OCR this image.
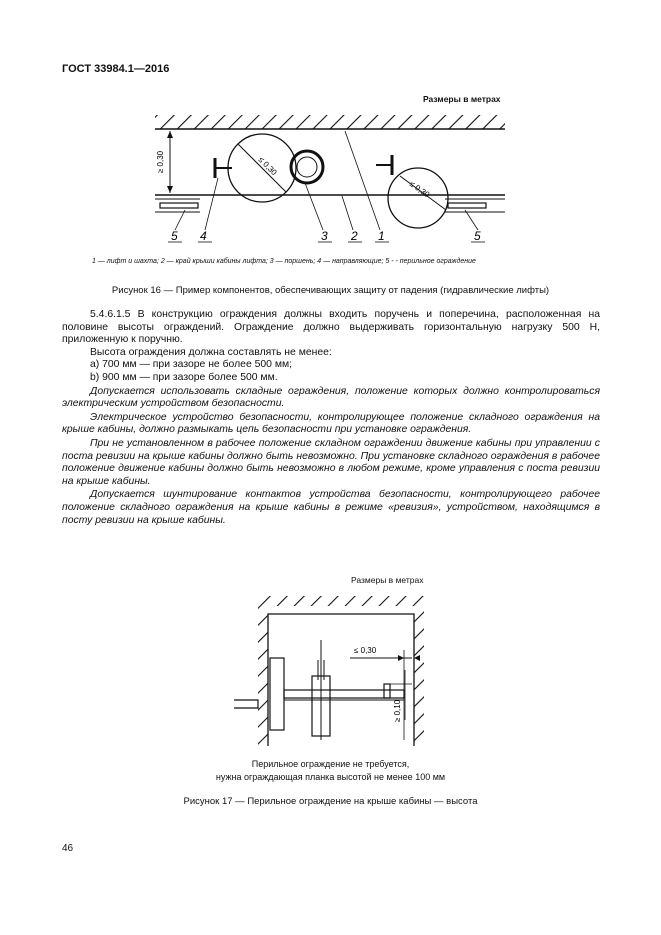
ГОСТ 33984.1—2016
Размеры в метрах
≥ 0,30	≤ 0,30
≤ 0,30
5 4	3 2 1	5
1 — лифт и шахта; 2 — край крыши кабины лифта; 3 — поршень; 4 — направляющие; 5 - - перильное ограждение
Рисунок 16 — Пример компонентов, обеспечивающих защиту от падения (гидравлические лифты)

5.4.6.1.5 В конструкцию ограждения должны входить поручень и поперечина, расположенная на половине высоты ограждений. Ограждение должно выдерживать горизонтальную нагрузку 500 Н, приложенную к поручню.

Высота ограждения должна составлять не менее:

a) 700 мм — при зазоре не более 500 мм;

b) 900 мм — при зазоре более 500 мм.

Допускается использовать складные ограждения, положение которых должно контролироваться электрическим устройством безопасности.

Электрическое устройство безопасности, контролирующее положение складного ограждения на крыше кабины, должно размыкать цепь безопасности при установке ограждения.

При не установленном в рабочее положение складном ограждении движение кабины при управлении с поста ревизии на крыше кабины должно быть невозможно. При установке складного ограждения в рабочее положение движение кабины должно быть невозможно в любом режиме, кроме управления с поста ревизии на крыше кабины.

Допускается шунтирование контактов устройства безопасности, контролирующего рабочее положение складного ограждения на крыше кабины в режиме «ревизия», устройством, находящимся в посту ревизии на крыше кабины.

Размеры в метрах
≤ 0,30
≥ 0,10
Перильное ограждение не требуется,
нужна ограждающая планка высотой не менее 100 мм
Рисунок 17 — Перильное ограждение на крыше кабины — высота
46
